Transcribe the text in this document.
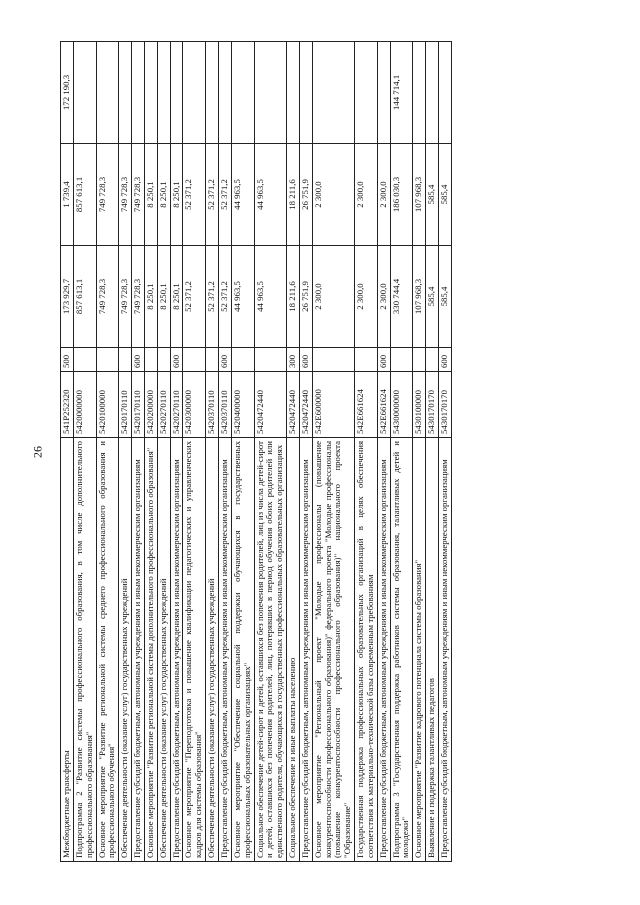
26
Межбюджетные трансферты	541P252320	500	173 929,7	1 739,4	172 190,3
Подпрограмма 2 "Развитие системы профессионального образования, в том числе дополнительного профессионального образования"	5420000000		857 613,1	857 613,1	
Основное мероприятие "Развитие региональной системы среднего профессионального образования и профессионального обучения"	5420100000		749 728,3	749 728,3	
Обеспечение деятельности (оказание услуг) государственных учреждений	5420170110		749 728,3	749 728,3	
Предоставление субсидий бюджетным, автономным учреждениям и иным некоммерческим организациям	5420170110	600	749 728,3	749 728,3	
Основное мероприятие "Развитие региональной системы дополнительного профессионального образования"	5420200000		8 250,1	8 250,1	
Обеспечение деятельности (оказание услуг) государственных учреждений	5420270110		8 250,1	8 250,1	
Предоставление субсидий бюджетным, автономным учреждениям и иным некоммерческим организациям	5420270110	600	8 250,1	8 250,1	
Основное мероприятие "Переподготовка и повышение квалификации педагогических и управленческих кадров для системы образования"	5420300000		52 371,2	52 371,2	
Обеспечение деятельности (оказание услуг) государственных учреждений	5420370110		52 371,2	52 371,2	
Предоставление субсидий бюджетным, автономным учреждениям и иным некоммерческим организациям	5420370110	600	52 371,2	52 371,2	
Основное мероприятие "Обеспечение социальной поддержки обучающихся в государственных профессиональных образовательных организациях"	5420400000		44 963,5	44 963,5	
Социальное обеспечение детей-сирот и детей, оставшихся без попечения родителей, лиц из числа детей-сирот и детей, оставшихся без попечения родителей, лиц, потерявших в период обучения обоих родителей или единственного родителя, обучающихся в государственных профессиональных образовательных организациях	5420472440		44 963,5	44 963,5	
Социальное обеспечение и иные выплаты населению	5420472440	300	18 211,6	18 211,6	
Предоставление субсидий бюджетным, автономным учреждениям и иным некоммерческим организациям	5420472440	600	26 751,9	26 751,9	
Основное мероприятие "Региональный проект "Молодые профессионалы (повышение конкурентоспособности профессионального образования)" федерального проекта "Молодые профессионалы (повышение конкурентоспособности профессионального образования)" национального проекта "Образование"	542E600000		2 300,0	2 300,0	
Государственная поддержка профессиональных образовательных организаций в целях обеспечения соответствия их материально-технической базы современным требованиям	542E661624		2 300,0	2 300,0	
Предоставление субсидий бюджетным, автономным учреждениям и иным некоммерческим организациям	542E661624	600	2 300,0	2 300,0	
Подпрограмма 3 "Государственная поддержка работников системы образования, талантливых детей и молодежи"	5430000000		330 744,4	186 030,3	144 714,1
Основное мероприятие "Развитие кадрового потенциала системы образования"	5430100000		107 968,3	107 968,3	
Выявление и поддержка талантливых педагогов	5430170170		585,4	585,4	
Предоставление субсидий бюджетным, автономным учреждениям и иным некоммерческим организациям	5430170170	600	585,4	585,4	
